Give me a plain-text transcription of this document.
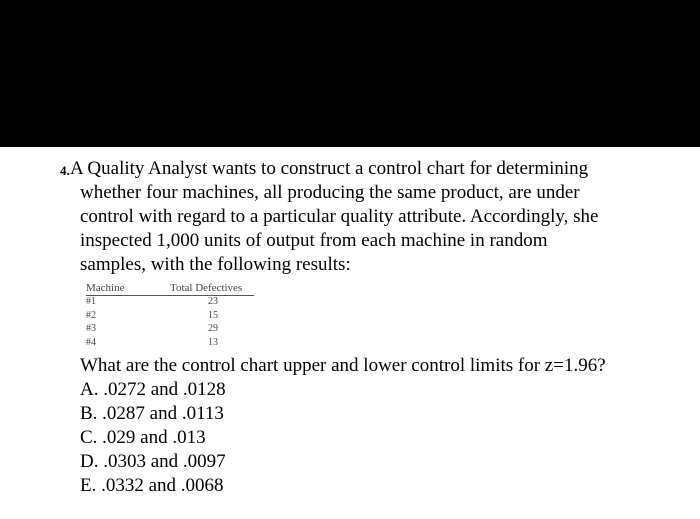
4. A Quality Analyst wants to construct a control chart for determining
whether four machines, all producing the same product, are under
control with regard to a particular quality attribute. Accordingly, she
inspected 1,000 units of output from each machine in random
samples, with the following results:
Machine	Total Defectives
#1	23
#2	15
#3	29
#4	13
What are the control chart upper and lower control limits for z=1.96?
A. .0272 and .0128
B. .0287 and .0113
C. .029 and .013
D. .0303 and .0097
E. .0332 and .0068
